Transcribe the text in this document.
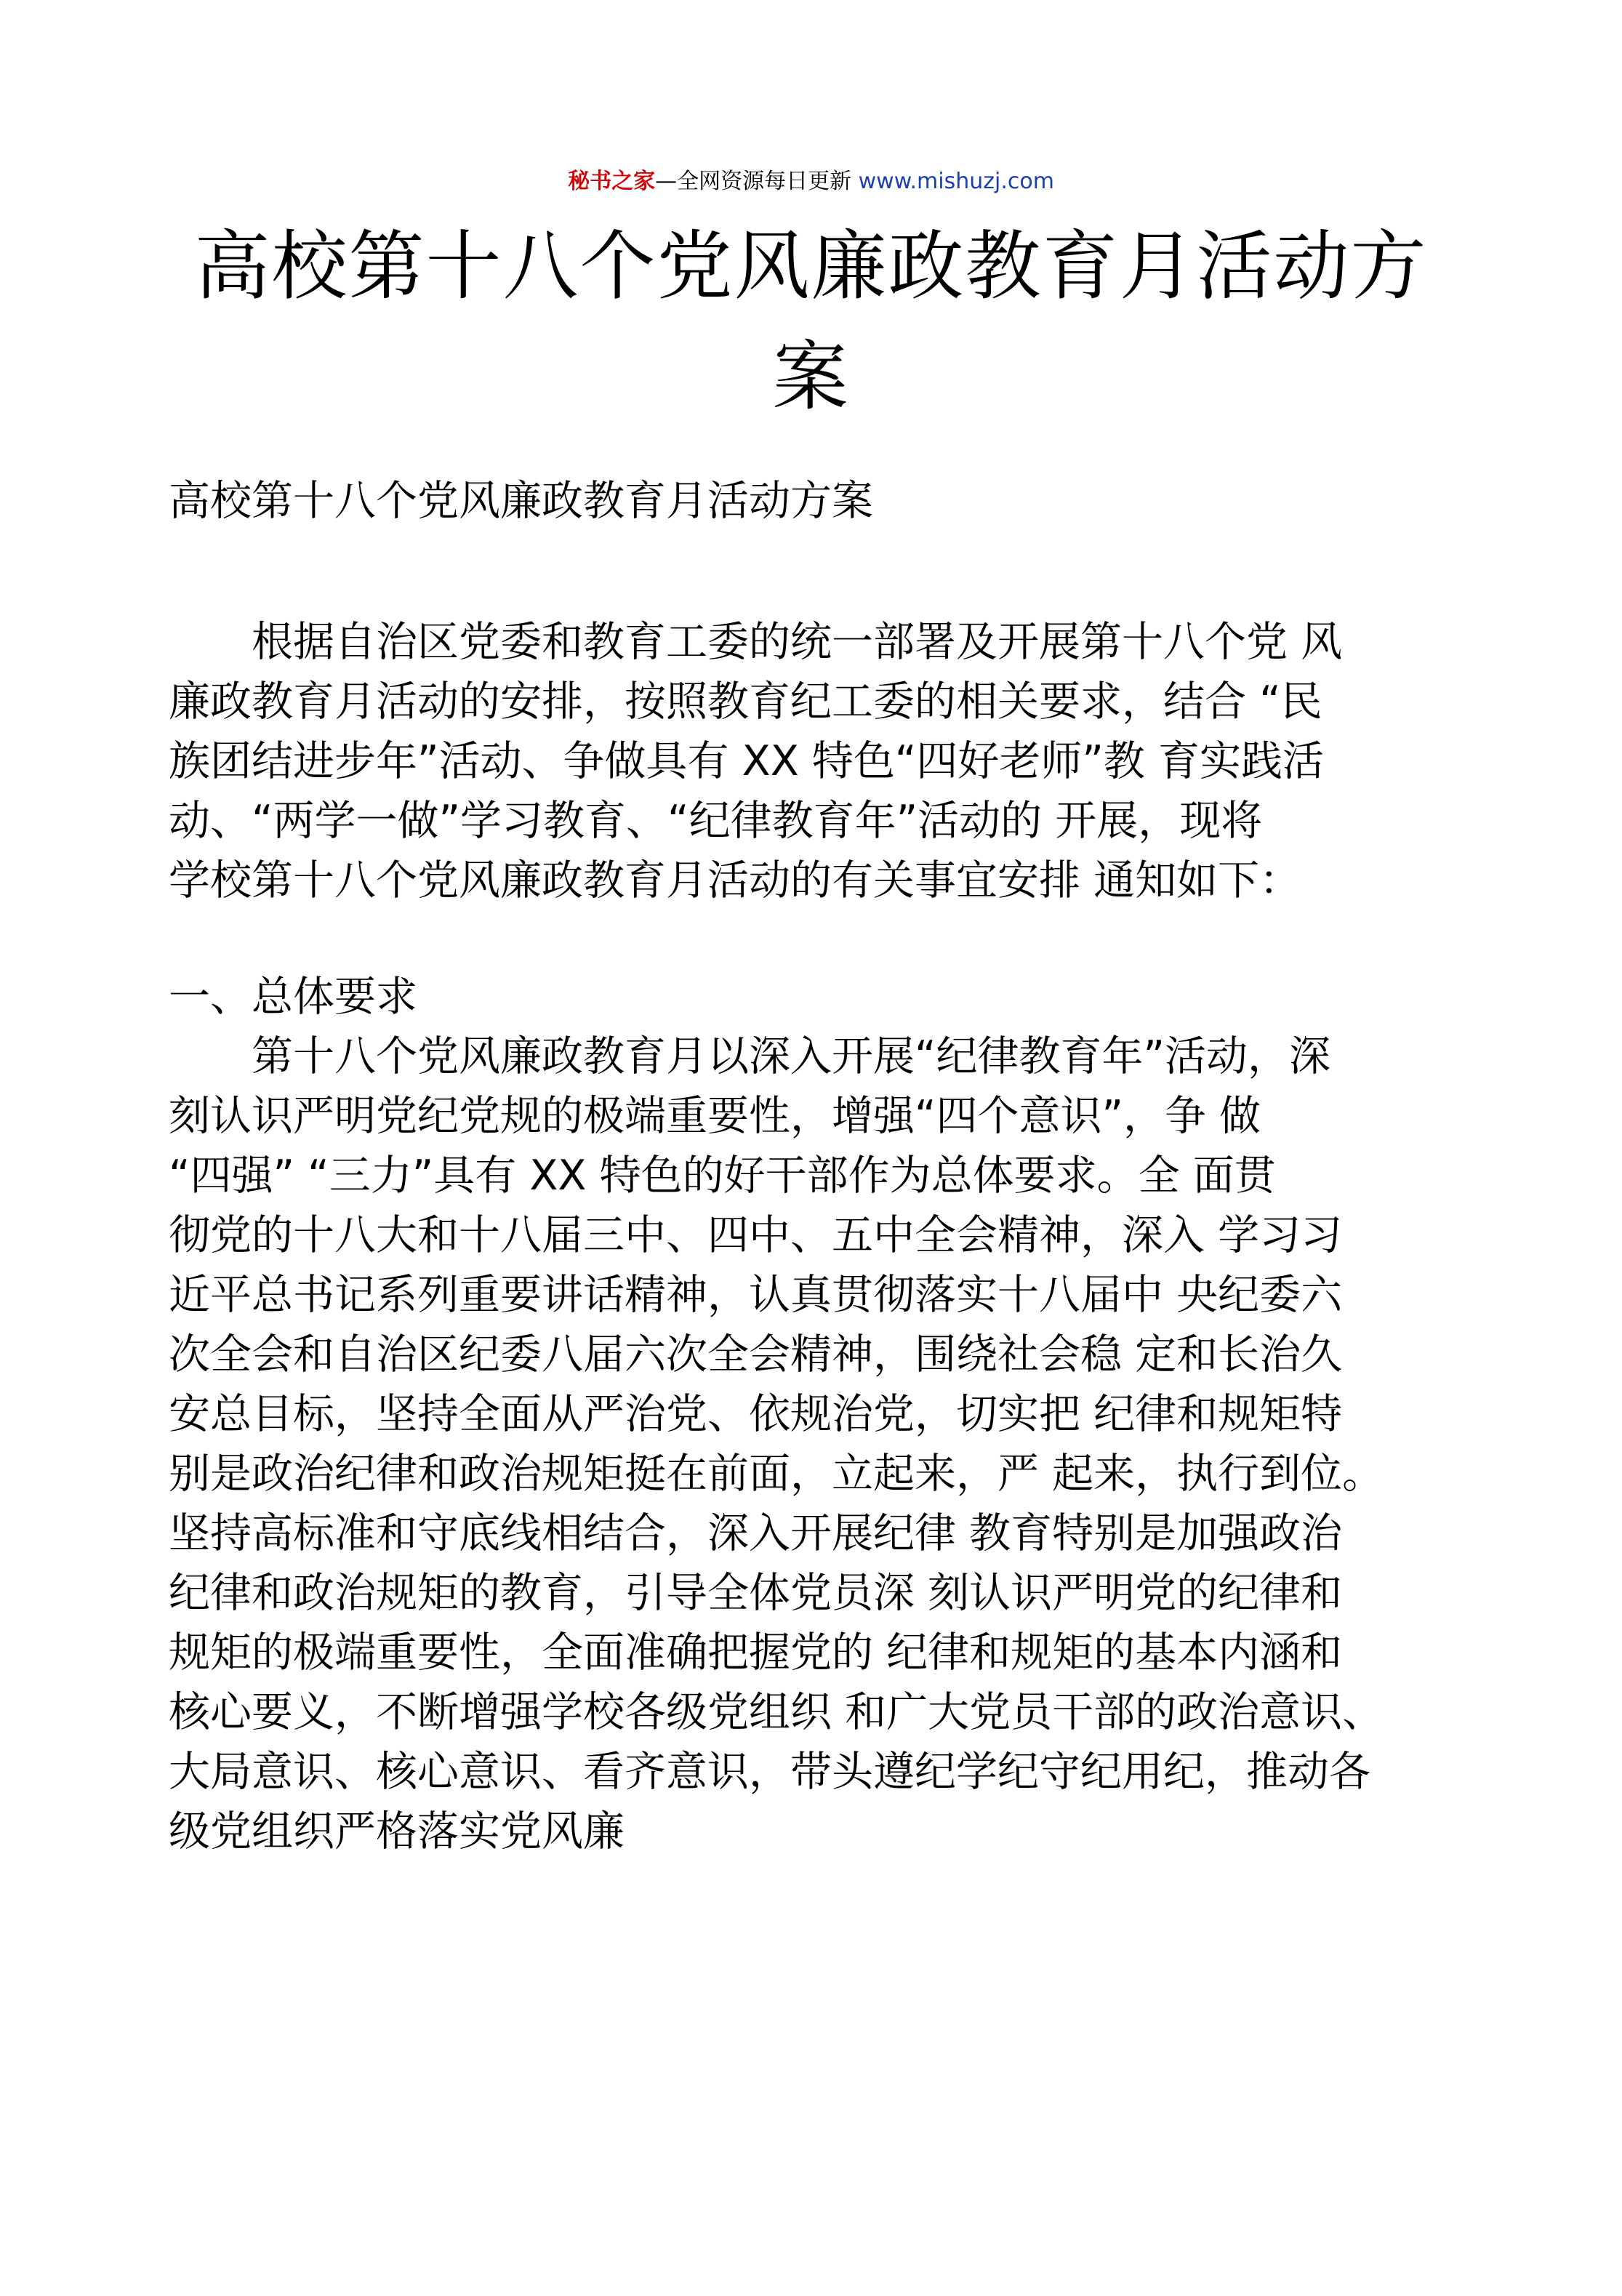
秘书之家—全网资源每日更新 www.mishuzj.com
高校第十八个党风廉政教育月活动方
案

高校第十八个党风廉政教育月活动方案

　　根据自治区党委和教育工委的统一部署及开展第十八个党 风
廉政教育月活动的安排，按照教育纪工委的相关要求，结合 “民
族团结进步年”活动、争做具有 XX 特色“四好老师”教 育实践活
动、“两学一做”学习教育、“纪律教育年”活动的 开展，现将
学校第十八个党风廉政教育月活动的有关事宜安排 通知如下：

一、总体要求

　　第十八个党风廉政教育月以深入开展“纪律教育年”活动，深
刻认识严明党纪党规的极端重要性，增强“四个意识”，争 做
“四强” “三力”具有 XX 特色的好干部作为总体要求。全 面贯
彻党的十八大和十八届三中、四中、五中全会精神，深入 学习习
近平总书记系列重要讲话精神，认真贯彻落实十八届中 央纪委六
次全会和自治区纪委八届六次全会精神，围绕社会稳 定和长治久
安总目标，坚持全面从严治党、依规治党，切实把 纪律和规矩特
别是政治纪律和政治规矩挺在前面，立起来，严 起来，执行到位。
坚持高标准和守底线相结合，深入开展纪律 教育特别是加强政治
纪律和政治规矩的教育，引导全体党员深 刻认识严明党的纪律和
规矩的极端重要性，全面准确把握党的 纪律和规矩的基本内涵和
核心要义，不断增强学校各级党组织 和广大党员干部的政治意识、
大局意识、核心意识、看齐意识，带头遵纪学纪守纪用纪，推动各
级党组织严格落实党风廉
